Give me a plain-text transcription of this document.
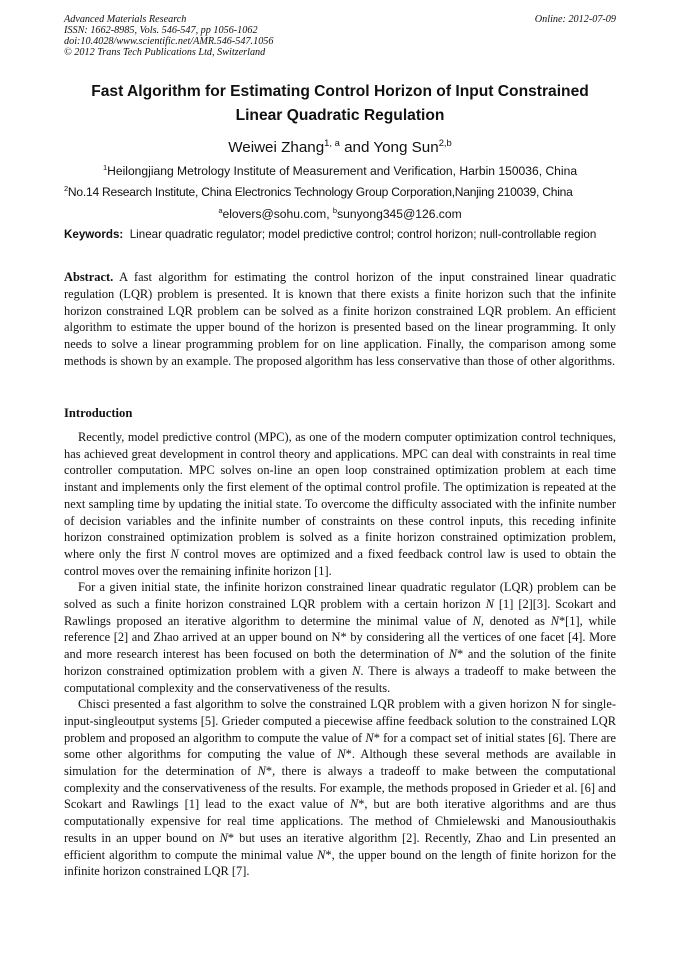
Advanced Materials Research
ISSN: 1662-8985, Vols. 546-547, pp 1056-1062
doi:10.4028/www.scientific.net/AMR.546-547.1056
© 2012 Trans Tech Publications Ltd, Switzerland
Online: 2012-07-09
Fast Algorithm for Estimating Control Horizon of Input Constrained
Linear Quadratic Regulation
Weiwei Zhang$^{1, a}$ and Yong Sun$^{2,b}$
$^1$Heilongjiang Metrology Institute of Measurement and Verification, Harbin 150036, China
$^2$No.14 Research Institute, China Electronics Technology Group Corporation,Nanjing 210039, China
$^a$elovers@sohu.com, $^b$sunyong345@126.com
Keywords: Linear quadratic regulator; model predictive control; control horizon; null-controllable region
Abstract. A fast algorithm for estimating the control horizon of the input constrained linear quadratic regulation (LQR) problem is presented. It is known that there exists a finite horizon such that the infinite horizon constrained LQR problem can be solved as a finite horizon constrained LQR problem. An efficient algorithm to estimate the upper bound of the horizon is presented based on the linear programming. It only needs to solve a linear programming problem for on line application. Finally, the comparison among some methods is shown by an example. The proposed algorithm has less conservative than those of other algorithms.
Introduction

Recently, model predictive control (MPC), as one of the modern computer optimization control techniques, has achieved great development in control theory and applications. MPC can deal with constraints in real time controller computation. MPC solves on-line an open loop constrained optimization problem at each time instant and implements only the first element of the optimal control profile. The optimization is repeated at the next sampling time by updating the initial state. To overcome the difficulty associated with the infinite number of decision variables and the infinite number of constraints on these control inputs, this receding infinite horizon constrained optimization problem is solved as a finite horizon constrained optimization problem, where only the first N control moves are optimized and a fixed feedback control law is used to obtain the control moves over the remaining infinite horizon [1].

For a given initial state, the infinite horizon constrained linear quadratic regulator (LQR) problem can be solved as such a finite horizon constrained LQR problem with a certain horizon N [1] [2][3]. Scokart and Rawlings proposed an iterative algorithm to determine the minimal value of N, denoted as N*[1], while reference [2] and Zhao arrived at an upper bound on N* by considering all the vertices of one facet [4]. More and more research interest has been focused on both the determination of N* and the solution of the finite horizon constrained optimization problem with a given N. There is always a tradeoff to make between the computational complexity and the conservativeness of the results.

Chisci presented a fast algorithm to solve the constrained LQR problem with a given horizon N for single-input-singleoutput systems [5]. Grieder computed a piecewise affine feedback solution to the constrained LQR problem and proposed an algorithm to compute the value of N* for a compact set of initial states [6]. There are some other algorithms for computing the value of N*. Although these several methods are available in simulation for the determination of N*, there is always a tradeoff to make between the computational complexity and the conservativeness of the results. For example, the methods proposed in Grieder et al. [6] and Scokart and Rawlings [1] lead to the exact value of N*, but are both iterative algorithms and are thus computationally expensive for real time applications. The method of Chmielewski and Manousiouthakis results in an upper bound on N* but uses an iterative algorithm [2]. Recently, Zhao and Lin presented an efficient algorithm to compute the minimal value N*, the upper bound on the length of finite horizon for the infinite horizon constrained LQR [7].
